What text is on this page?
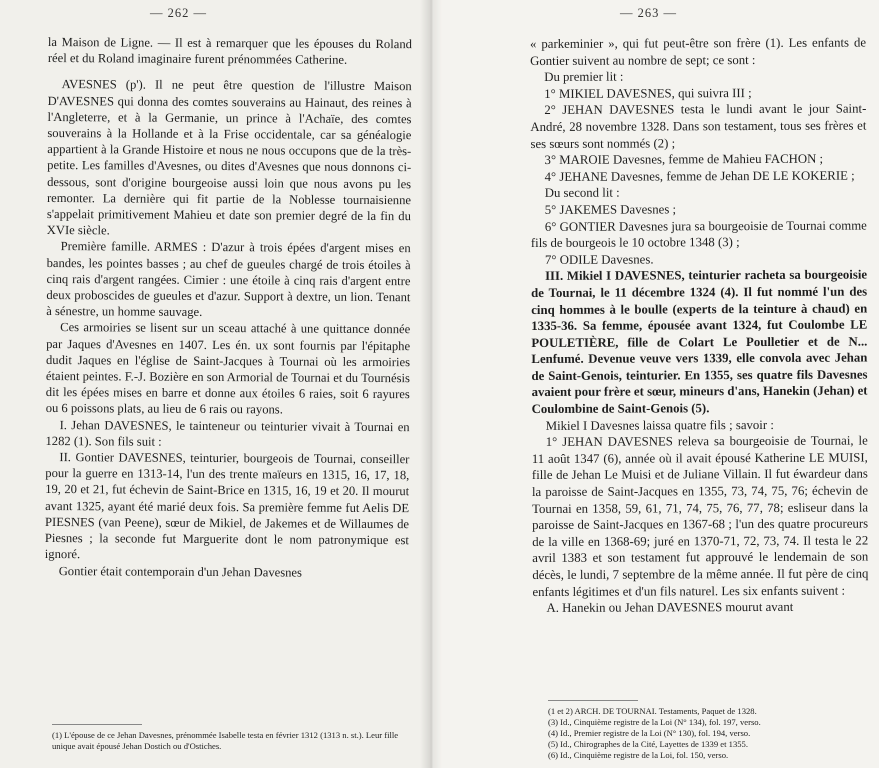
— 262 —

la Maison de Ligne. — Il est à remarquer que les épouses du Roland réel et du Roland imaginaire furent prénommées Catherine.

AVESNES (p'). Il ne peut être question de l'illustre Maison D'AVESNES qui donna des comtes souverains au Hainaut, des reines à l'Angleterre, et à la Germanie, un prince à l'Achaïe, des comtes souverains à la Hollande et à la Frise occidentale, car sa généalogie appartient à la Grande Histoire et nous ne nous occupons que de la très-petite. Les familles d'Avesnes, ou dites d'Avesnes que nous donnons ci-dessous, sont d'origine bourgeoise aussi loin que nous avons pu les remonter. La dernière qui fit partie de la Noblesse tournaisienne s'appelait primitivement Mahieu et date son premier degré de la fin du XVIe siècle.

Première famille. ARMES : D'azur à trois épées d'argent mises en bandes, les pointes basses ; au chef de gueules chargé de trois étoiles à cinq rais d'argent rangées. Cimier : une étoile à cinq rais d'argent entre deux proboscides de gueules et d'azur. Support à dextre, un lion. Tenant à sénestre, un homme sauvage.

Ces armoiries se lisent sur un sceau attaché à une quittance donnée par Jaques d'Avesnes en 1407. Les én. ux sont fournis par l'épitaphe dudit Jaques en l'église de Saint-Jacques à Tournai où les armoiries étaient peintes. F.-J. Bozière en son Armorial de Tournai et du Tournésis dit les épées mises en barre et donne aux étoiles 6 raies, soit 6 rayures ou 6 poissons plats, au lieu de 6 rais ou rayons.

I. Jehan DAVESNES, le tainteneur ou teinturier vivait à Tournai en 1282 (1). Son fils suit :

II. Gontier DAVESNES, teinturier, bourgeois de Tournai, conseiller pour la guerre en 1313-14, l'un des trente maïeurs en 1315, 16, 17, 18, 19, 20 et 21, fut échevin de Saint-Brice en 1315, 16, 19 et 20. Il mourut avant 1325, ayant été marié deux fois. Sa première femme fut Aelis DE PIESNES (van Peene), sœur de Mikiel, de Jakemes et de Willaumes de Piesnes ; la seconde fut Marguerite dont le nom patronymique est ignoré.

Gontier était contemporain d'un Jehan Davesnes

(1) L'épouse de ce Jehan Davesnes, prénommée Isabelle testa en février 1312 (1313 n. st.). Leur fille unique avait épousé Jehan Dostich ou d'Ostiches.

— 263 —

« parkeminier », qui fut peut-être son frère (1). Les enfants de Gontier suivent au nombre de sept; ce sont :

Du premier lit :

1° MIKIEL DAVESNES, qui suivra III ;

2° JEHAN DAVESNES testa le lundi avant le jour Saint-André, 28 novembre 1328. Dans son testament, tous ses frères et ses sœurs sont nommés (2) ;

3° MAROIE Davesnes, femme de Mahieu FACHON ;

4° JEHANE Davesnes, femme de Jehan DE LE KOKERIE ;

Du second lit :

5° JAKEMES Davesnes ;

6° GONTIER Davesnes jura sa bourgeoisie de Tournai comme fils de bourgeois le 10 octobre 1348 (3) ;

7° ODILE Davesnes.

III. Mikiel I DAVESNES, teinturier racheta sa bourgeoisie de Tournai, le 11 décembre 1324 (4). Il fut nommé l'un des cinq hommes à le boulle (experts de la teinture à chaud) en 1335-36. Sa femme, épousée avant 1324, fut Coulombe LE POULETIÈRE, fille de Colart Le Poulletier et de N... Lenfumé. Devenue veuve vers 1339, elle convola avec Jehan de Saint-Genois, teinturier. En 1355, ses quatre fils Davesnes avaient pour frère et sœur, mineurs d'ans, Hanekin (Jehan) et Coulombine de Saint-Genois (5).

Mikiel I Davesnes laissa quatre fils ; savoir :

1° JEHAN DAVESNES releva sa bourgeoisie de Tournai, le 11 août 1347 (6), année où il avait épousé Katherine LE MUISI, fille de Jehan Le Muisi et de Juliane Villain. Il fut éwardeur dans la paroisse de Saint-Jacques en 1355, 73, 74, 75, 76; échevin de Tournai en 1358, 59, 61, 71, 74, 75, 76, 77, 78; esliseur dans la paroisse de Saint-Jacques en 1367-68 ; l'un des quatre procureurs de la ville en 1368-69; juré en 1370-71, 72, 73, 74. Il testa le 22 avril 1383 et son testament fut approuvé le lendemain de son décès, le lundi, 7 septembre de la même année. Il fut père de cinq enfants légitimes et d'un fils naturel. Les six enfants suivent :

A. Hanekin ou Jehan DAVESNES mourut avant

(1 et 2) ARCH. DE TOURNAI. Testaments, Paquet de 1328.

(3) Id., Cinquième registre de la Loi (N° 134), fol. 197, verso.

(4) Id., Premier registre de la Loi (N° 130), fol. 194, verso.

(5) Id., Chirographes de la Cité, Layettes de 1339 et 1355.

(6) Id., Cinquième registre de la Loi, fol. 150, verso.
